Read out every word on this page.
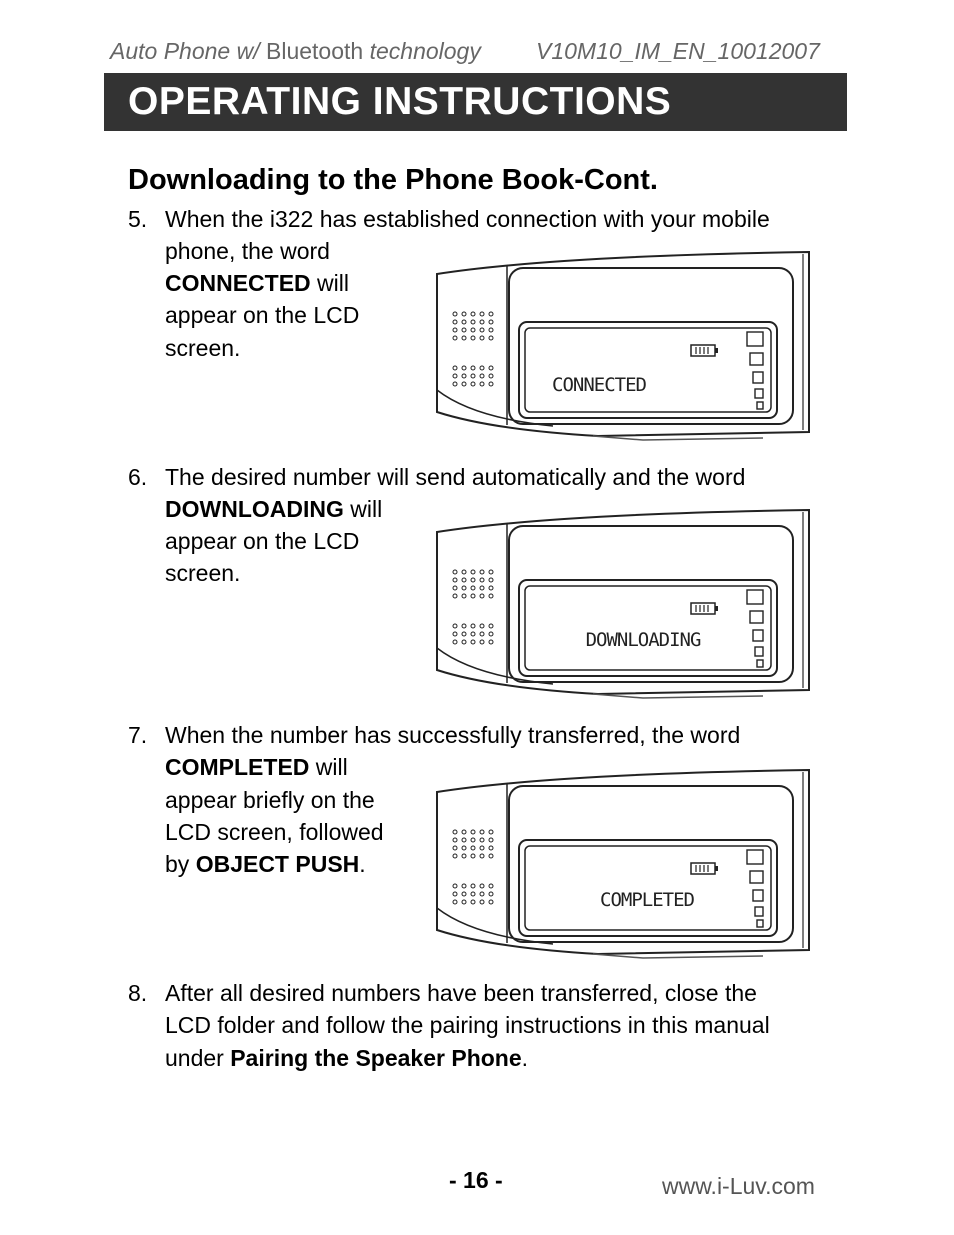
Auto Phone w/ Bluetooth technology V10M10_IM_EN_10012007
OPERATING INSTRUCTIONS
Downloading to the Phone Book-Cont.
5. When the i322 has established connection with your mobile
phone, the word
CONNECTED will
appear on the LCD
screen.
CONNECTED
6. The desired number will send automatically and the word
DOWNLOADING will
appear on the LCD
screen.
DOWNLOADING
7. When the number has successfully transferred, the word
COMPLETED will
appear briefly on the
LCD screen, followed
by OBJECT PUSH.
COMPLETED
8. After all desired numbers have been transferred, close the
LCD folder and follow the pairing instructions in this manual
under Pairing the Speaker Phone.
- 16 -	www.i-Luv.com
